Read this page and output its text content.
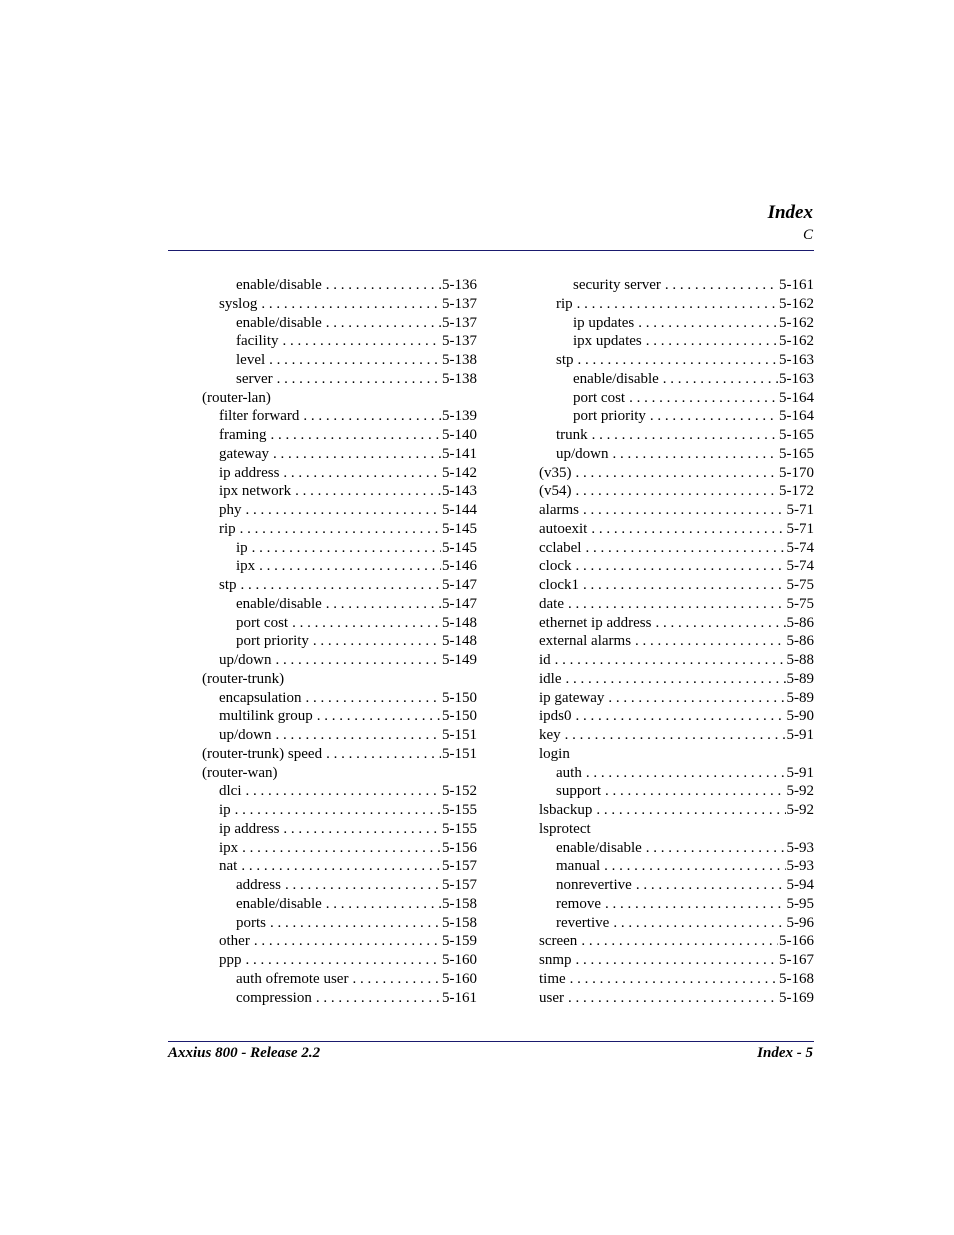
Index
C
enable/disable . . .	5-136
syslog . . .	5-137
enable/disable . . .	5-137
facility . . .	5-137
level . . .	5-138
server . . .	5-138
(router-lan)
filter forward . . .	5-139
framing . . .	5-140
gateway . . .	5-141
ip address . . .	5-142
ipx network . . .	5-143
phy . . .	5-144
rip . . .	5-145
ip . . .	5-145
ipx . . .	5-146
stp . . .	5-147
enable/disable . . .	5-147
port cost . . .	5-148
port priority . . .	5-148
up/down . . .	5-149
(router-trunk)
encapsulation . . .	5-150
multilink group . . .	5-150
up/down . . .	5-151
(router-trunk) speed . . .	5-151
(router-wan)
dlci . . .	5-152
ip . . .	5-155
ip address . . .	5-155
ipx . . .	5-156
nat . . .	5-157
address . . .	5-157
enable/disable . . .	5-158
ports . . .	5-158
other . . .	5-159
ppp . . .	5-160
auth ofremote user . . .	5-160
compression . . .	5-161
security server . . .	5-161
rip . . .	5-162
ip updates . . .	5-162
ipx updates . . .	5-162
stp . . .	5-163
enable/disable . . .	5-163
port cost . . .	5-164
port priority . . .	5-164
trunk . . .	5-165
up/down . . .	5-165
(v35) . . .	5-170
(v54) . . .	5-172
alarms . . .	5-71
autoexit . . .	5-71
cclabel . . .	5-74
clock . . .	5-74
clock1 . . .	5-75
date . . .	5-75
ethernet ip address . . .	5-86
external alarms . . .	5-86
id . . .	5-88
idle . . .	5-89
ip gateway . . .	5-89
ipds0 . . .	5-90
key . . .	5-91
login
auth . . .	5-91
support . . .	5-92
lsbackup . . .	5-92
lsprotect
enable/disable . . .	5-93
manual . . .	5-93
nonrevertive . . .	5-94
remove . . .	5-95
revertive . . .	5-96
screen . . .	5-166
snmp . . .	5-167
time . . .	5-168
user . . .	5-169
Axxius 800 - Release 2.2	Index - 5
